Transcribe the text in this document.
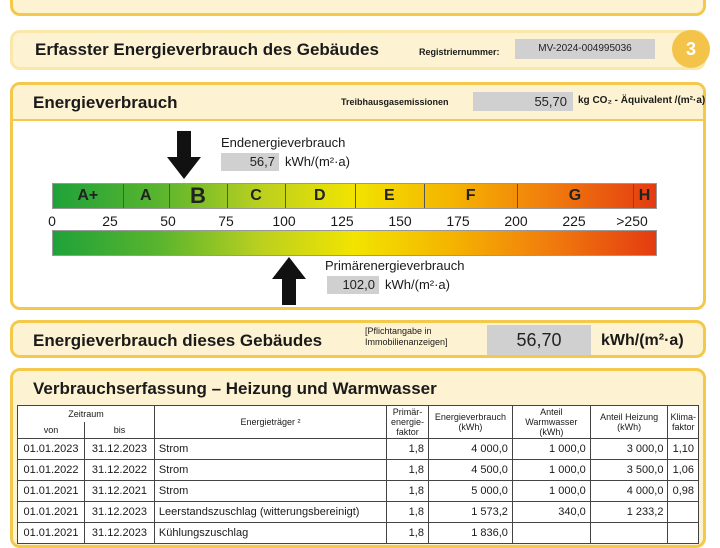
Erfasster Energieverbrauch des Gebäudes	Registriernummer:	MV-2024-004995036	3
Energieverbrauch	Treibhausgasemissionen	55,70	kg CO₂ - Äquivalent /(m²·a)
Endenergieverbrauch
56,7 kWh/(m²·a)
A+	A	B	C	D	E	F	G	H
0	25	50	75	100 125 150 175 200 225 >250
Primärenergieverbrauch
102,0 kWh/(m²·a)
Energieverbrauch dieses Gebäudes	[Pflichtangabe in Immobilienanzeigen]	56,70	kWh/(m²·a)
Verbrauchserfassung – Heizung und Warmwasser
Zeitraum		Energieträger ²	Primär-energie-faktor	Energieverbrauch (kWh)	Anteil Warmwasser (kWh)	Anteil Heizung (kWh)	Klima-faktor
von	bis						
01.01.2023	31.12.2023	Strom	1,8	4 000,0	1 000,0	3 000,0	1,10
01.01.2022	31.12.2022	Strom	1,8	4 500,0	1 000,0	3 500,0	1,06
01.01.2021	31.12.2021	Strom	1,8	5 000,0	1 000,0	4 000,0	0,98
01.01.2021	31.12.2023	Leerstandszuschlag (witterungsbereinigt)	1,8	1 573,2	340,0	1 233,2	
01.01.2021	31.12.2023	Kühlungszuschlag	1,8	1 836,0			
